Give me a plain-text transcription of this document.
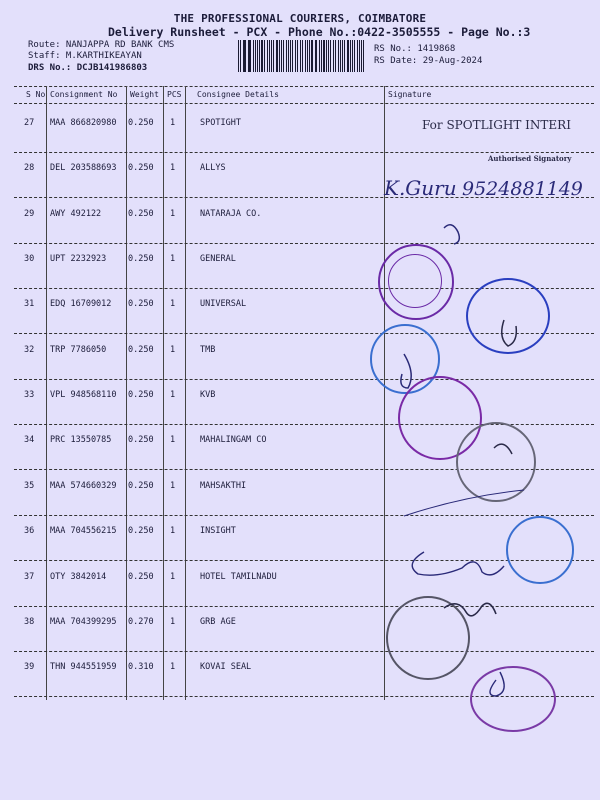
THE PROFESSIONAL COURIERS, COIMBATORE
Delivery Runsheet - PCX - Phone No.:0422-3505555 - Page No.:3
Route: NANJAPPA RD BANK CMS
Staff: M.KARTHIKEAYAN
DRS No.: DCJB141986803
RS No.: 1419868
RS Date: 29-Aug-2024
S No Consignment No Weight PCS Consignee Details	Signature
27 MAA 866820980 0.250 1	SPOTIGHT
28 DEL 203588693 0.250 1	ALLYS
29 AWY 492122	0.250 1	NATARAJA CO.
30 UPT 2232923	0.250 1	GENERAL
31 EDQ 16709012 0.250 1	UNIVERSAL
32 TRP 7786050	0.250 1	TMB
33 VPL 948568110 0.250 1	KVB
34 PRC 13550785 0.250 1	MAHALINGAM CO
35 MAA 574660329 0.250 1	MAHSAKTHI
36 MAA 704556215 0.250 1	INSIGHT
37 OTY 3842014	0.250 1	HOTEL TAMILNADU
38 MAA 704399295 0.270 1	GRB AGE
39 THN 944551959 0.310 1	KOVAI SEAL
For SPOTLIGHT INTERI
Authorised Signatory
K.Guru 9524881149
